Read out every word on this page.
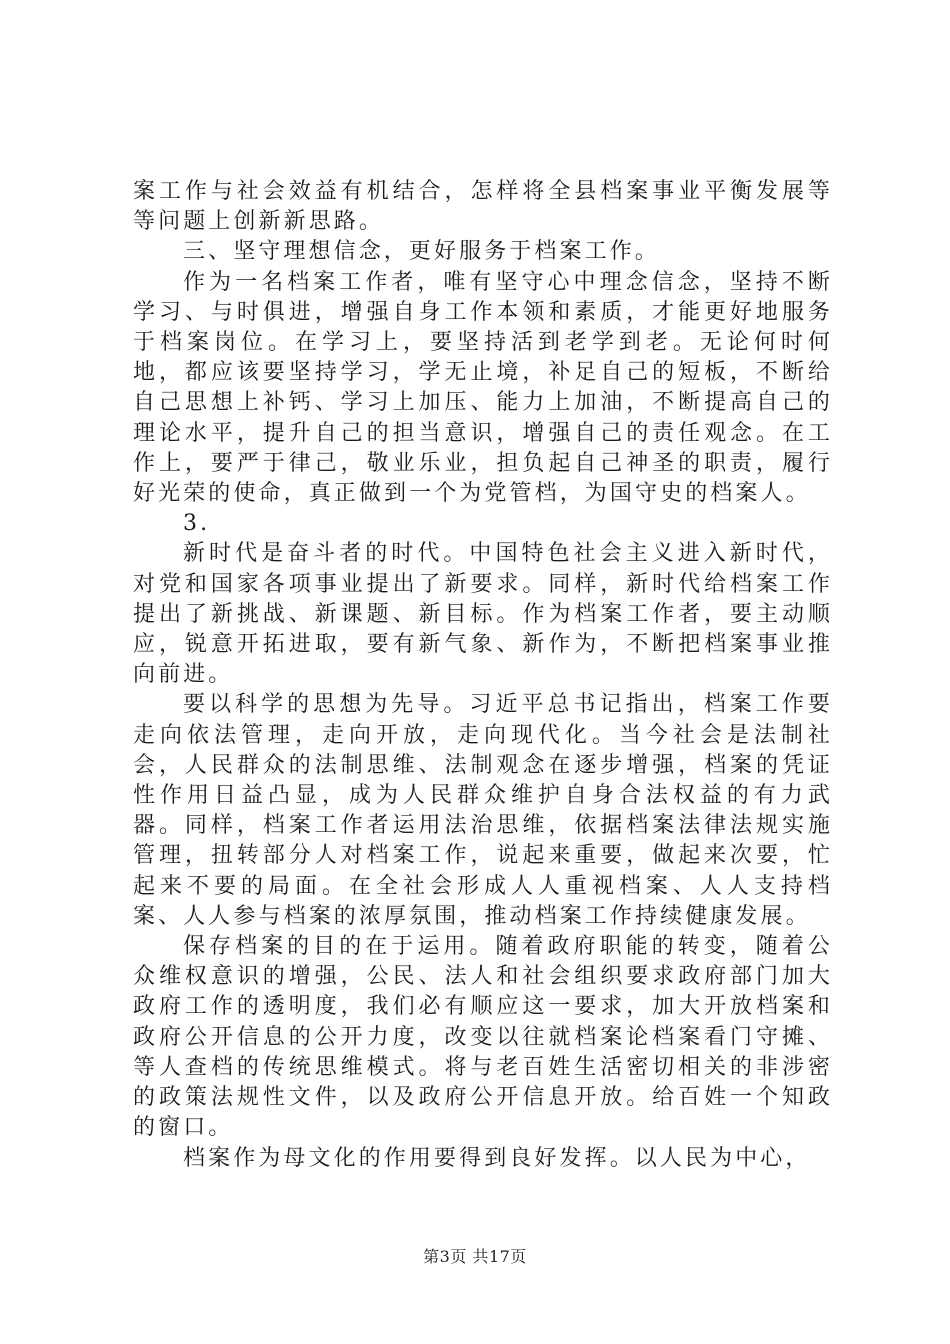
案工作与社会效益有机结合，怎样将全县档案事业平衡发展等等问题上创新新思路。

三、坚守理想信念，更好服务于档案工作。

作为一名档案工作者，唯有坚守心中理念信念，坚持不断学习、与时俱进，增强自身工作本领和素质，才能更好地服务于档案岗位。在学习上，要坚持活到老学到老。无论何时何地，都应该要坚持学习，学无止境，补足自己的短板，不断给自己思想上补钙、学习上加压、能力上加油，不断提高自己的理论水平，提升自己的担当意识，增强自己的责任观念。在工作上，要严于律己，敬业乐业，担负起自己神圣的职责，履行好光荣的使命，真正做到一个为党管档，为国守史的档案人。

3.

新时代是奋斗者的时代。中国特色社会主义进入新时代，对党和国家各项事业提出了新要求。同样，新时代给档案工作提出了新挑战、新课题、新目标。作为档案工作者，要主动顺应，锐意开拓进取，要有新气象、新作为，不断把档案事业推向前进。

要以科学的思想为先导。习近平总书记指出，档案工作要走向依法管理，走向开放，走向现代化。当今社会是法制社会，人民群众的法制思维、法制观念在逐步增强，档案的凭证性作用日益凸显，成为人民群众维护自身合法权益的有力武器。同样，档案工作者运用法治思维，依据档案法律法规实施管理，扭转部分人对档案工作，说起来重要，做起来次要，忙起来不要的局面。在全社会形成人人重视档案、人人支持档案、人人参与档案的浓厚氛围，推动档案工作持续健康发展。

保存档案的目的在于运用。随着政府职能的转变，随着公众维权意识的增强，公民、法人和社会组织要求政府部门加大政府工作的透明度，我们必有顺应这一要求，加大开放档案和政府公开信息的公开力度，改变以往就档案论档案看门守摊、等人查档的传统思维模式。将与老百姓生活密切相关的非涉密的政策法规性文件，以及政府公开信息开放。给百姓一个知政的窗口。

档案作为母文化的作用要得到良好发挥。以人民为中心，

第3页 共17页
